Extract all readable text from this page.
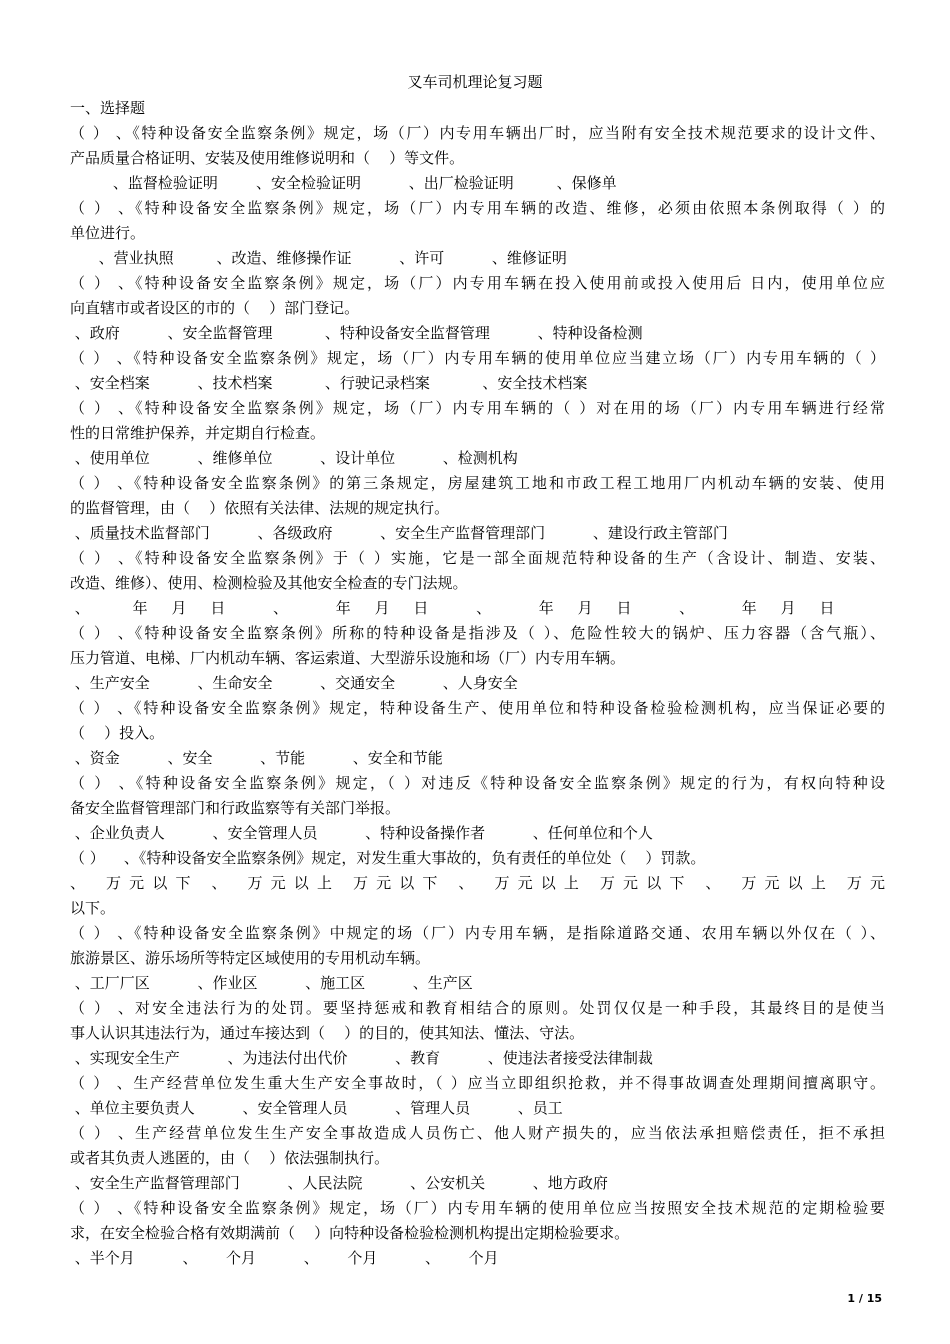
叉车司机理论复习题
一、选择题
（ ） 、《特种设备安全监察条例》规定，场（厂）内专用车辆出厂时，应当附有安全技术规范要求的设计文件、
产品质量合格证明、安装及使用维修说明和（    ）等文件。
、监督检验证明        、安全检验证明          、出厂检验证明         、保修单
（ ） 、《特种设备安全监察条例》规定，场（厂）内专用车辆的改造、维修，必须由依照本条例取得（ ）的
单位进行。
、营业执照         、改造、维修操作证          、许可          、维修证明
（ ） 、《特种设备安全监察条例》规定，场（厂）内专用车辆在投入使用前或投入使用后 日内，使用单位应
向直辖市或者设区的市的（    ）部门登记。
、政府          、安全监督管理           、特种设备安全监督管理          、特种设备检测
（ ） 、《特种设备安全监察条例》规定，场（厂）内专用车辆的使用单位应当建立场（厂）内专用车辆的（ ）
、安全档案          、技术档案           、行驶记录档案           、安全技术档案
（ ） 、《特种设备安全监察条例》规定，场（厂）内专用车辆的（ ）对在用的场（厂）内专用车辆进行经常
性的日常维护保养，并定期自行检查。
、使用单位          、维修单位          、设计单位          、检测机构
（ ） 、《特种设备安全监察条例》的第三条规定，房屋建筑工地和市政工程工地用厂内机动车辆的安装、使用
的监督管理，由（    ）依照有关法律、法规的规定执行。
、质量技术监督部门          、各级政府          、安全生产监督管理部门          、建设行政主管部门
（ ） 、《特种设备安全监察条例》于（ ）实施，它是一部全面规范特种设备的生产（含设计、制造、安装、
改造、维修）、使用、检测检验及其他安全检查的专门法规。
、         年     月     日          、          年     月     日          、          年     月     日          、          年     月     日
（ ） 、《特种设备安全监察条例》所称的特种设备是指涉及（ ）、危险性较大的锅炉、压力容器（含气瓶）、
压力管道、电梯、厂内机动车辆、客运索道、大型游乐设施和场（厂）内专用车辆。
、生产安全          、生命安全          、交通安全          、人身安全
（ ） 、《特种设备安全监察条例》规定，特种设备生产、使用单位和特种设备检验检测机构，应当保证必要的
（    ）投入。
、资金          、安全          、节能          、安全和节能
（ ） 、《特种设备安全监察条例》规定，（ ）对违反《特种设备安全监察条例》规定的行为，有权向特种设
备安全监督管理部门和行政监察等有关部门举报。
、企业负责人          、安全管理人员          、特种设备操作者          、任何单位和个人
（ ）    、《特种设备安全监察条例》规定，对发生重大事故的，负有责任的单位处（    ）罚款。
、 万元以下 、 万元以上 万元以下 、 万元以上 万元以下 、 万元以上 万元
以下。
（ ） 、《特种设备安全监察条例》中规定的场（厂）内专用车辆，是指除道路交通、农用车辆以外仅在（ ）、
旅游景区、游乐场所等特定区域使用的专用机动车辆。
、工厂厂区          、作业区          、施工区          、生产区
（ ） 、对安全违法行为的处罚。要坚持惩戒和教育相结合的原则。处罚仅仅是一种手段，其最终目的是使当
事人认识其违法行为，通过车接达到（    ）的目的，使其知法、懂法、守法。
、实现安全生产          、为违法付出代价          、教育          、使违法者接受法律制裁
（ ） 、生产经营单位发生重大生产安全事故时，（ ）应当立即组织抢救，并不得事故调查处理期间擅离职守。
、单位主要负责人          、安全管理人员          、管理人员          、员工
（ ） 、生产经营单位发生生产安全事故造成人员伤亡、他人财产损失的，应当依法承担赔偿责任，拒不承担
或者其负责人逃匿的，由（    ）依法强制执行。
、安全生产监督管理部门          、人民法院          、公安机关          、地方政府
（ ） 、《特种设备安全监察条例》规定，场（厂）内专用车辆的使用单位应当按照安全技术规范的定期检验要
求，在安全检验合格有效期满前（    ）向特种设备检验检测机构提出定期检验要求。
、半个月          、      个月          、      个月          、      个月
1 / 15
